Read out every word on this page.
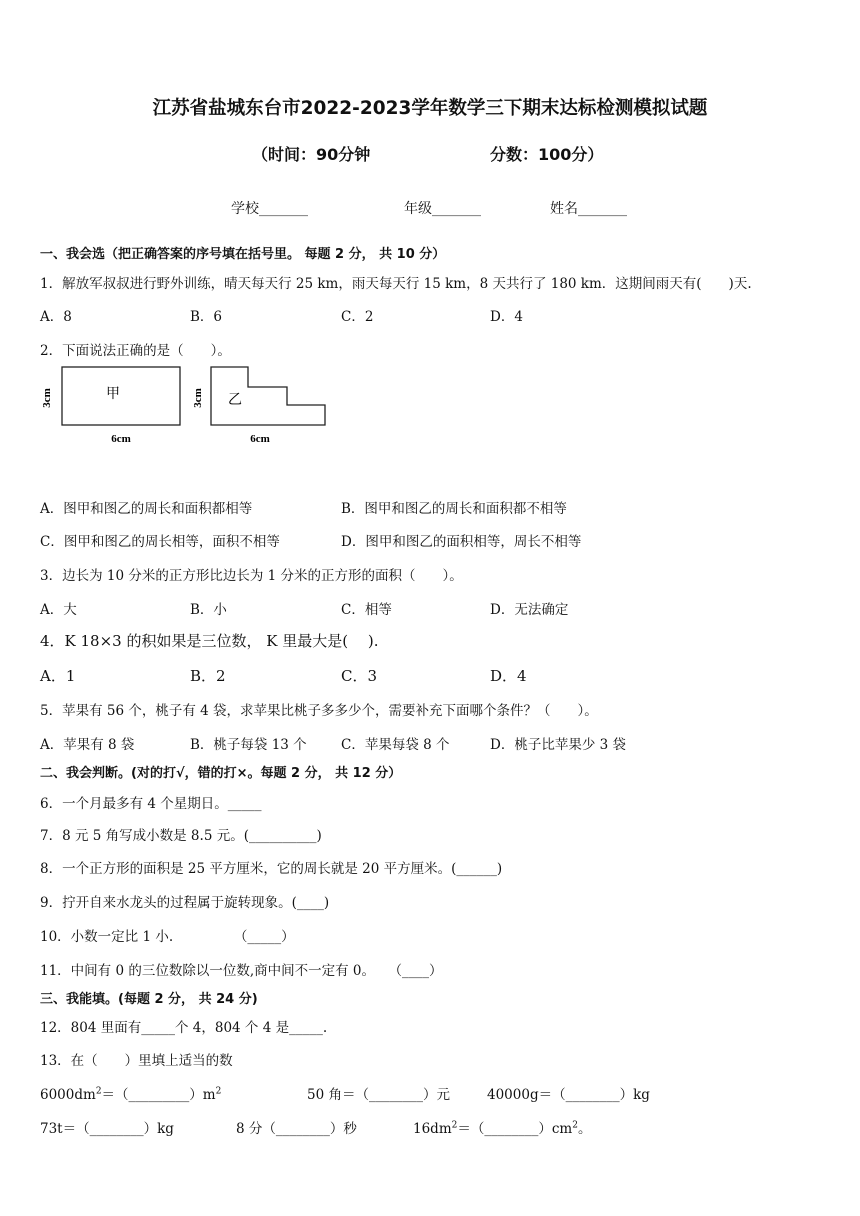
江苏省盐城东台市2022-2023学年数学三下期末达标检测模拟试题
（时间：90分钟	分数：100分）
学校_______	年级_______	姓名_______
一、我会选（把正确答案的序号填在括号里。 每题 2 分， 共 10 分）
1．解放军叔叔进行野外训练，晴天每天行 25 km，雨天每天行 15 km，8 天共行了 180 km．这期间雨天有(　　)天.
A．8	B．6	C．2	D．4
2．下面说法正确的是（　　）。
甲
3cm
6cm
乙
3cm
6cm
A．图甲和图乙的周长和面积都相等	B．图甲和图乙的周长和面积都不相等
C．图甲和图乙的周长相等，面积不相等	D．图甲和图乙的面积相等，周长不相等
3．边长为 10 分米的正方形比边长为 1 分米的正方形的面积（　　）。
A．大	B．小	C．相等	D．无法确定
4．K 18×3 的积如果是三位数， K 里最大是(　 ).
A．1	B．2	C．3	D．4
5．苹果有 56 个，桃子有 4 袋，求苹果比桃子多多少个，需要补充下面哪个条件？（　　）。
A．苹果有 8 袋	B．桃子每袋 13 个	C．苹果每袋 8 个	D．桃子比苹果少 3 袋
二、我会判断。(对的打√，错的打×。每题 2 分， 共 12 分）
6．一个月最多有 4 个星期日。_____
7．8 元 5 角写成小数是 8.5 元。(__________)
8．一个正方形的面积是 25 平方厘米，它的周长就是 20 平方厘米。(______)
9．拧开自来水龙头的过程属于旋转现象。(____)
10．小数一定比 1 小.　　　　　（_____）
11．中间有 0 的三位数除以一位数,商中间不一定有 0。　　（____）
三、我能填。(每题 2 分， 共 24 分)
12．804 里面有_____个 4，804 个 4 是_____.
13．在（　　）里填上适当的数
$6000dm^2=(\_\_\_\_\_\_\_\_\_)m^2$	50 角＝（________）元	40000g＝（________）kg
73t＝（________）kg	8 分（________）秒	$16dm^2=(\_\_\_\_\_\_\_\_)cm^2$。
